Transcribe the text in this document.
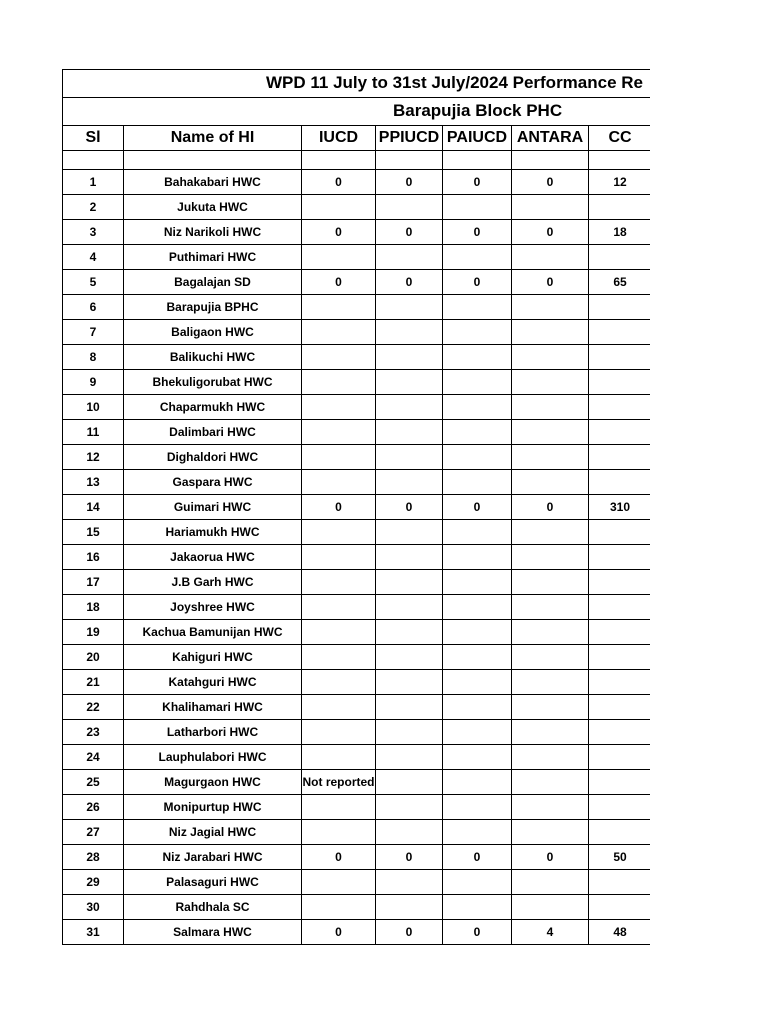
WPD 11 July to 31st July/2024 Performance Re
Barapujia Block PHC
Sl	Name of HI	IUCD	PPIUCD	PAIUCD	ANTARA	CC

1	Bahakabari HWC	0	0	0	0	12
2	Jukuta HWC					
3	Niz Narikoli HWC	0	0	0	0	18
4	Puthimari HWC					
5	Bagalajan SD	0	0	0	0	65
6	Barapujia BPHC					
7	Baligaon HWC					
8	Balikuchi HWC					
9	Bhekuligorubat HWC					
10	Chaparmukh HWC					
11	Dalimbari HWC					
12	Dighaldori HWC					
13	Gaspara HWC					
14	Guimari HWC	0	0	0	0	310
15	Hariamukh HWC					
16	Jakaorua HWC					
17	J.B Garh HWC					
18	Joyshree HWC					
19	Kachua Bamunijan HWC					
20	Kahiguri HWC					
21	Katahguri HWC					
22	Khalihamari HWC					
23	Latharbori HWC					
24	Lauphulabori HWC					
25	Magurgaon HWC	Not reported				
26	Monipurtup HWC					
27	Niz Jagial HWC					
28	Niz Jarabari HWC	0	0	0	0	50
29	Palasaguri HWC					
30	Rahdhala SC					
31	Salmara HWC	0	0	0	4	48
